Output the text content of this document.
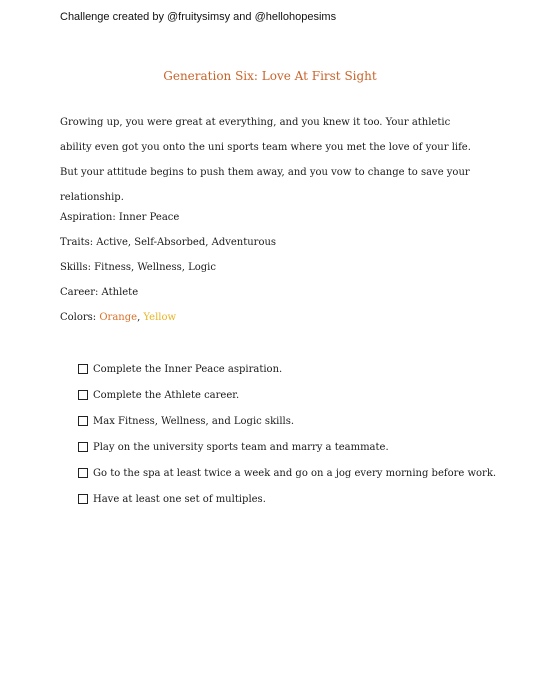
Challenge created by @fruitysimsy and @hellohopesims
Generation Six: Love At First Sight
Growing up, you were great at everything, and you knew it too. Your athletic ability even got you onto the uni sports team where you met the love of your life. But your attitude begins to push them away, and you vow to change to save your relationship.
Aspiration: Inner Peace
Traits: Active, Self-Absorbed, Adventurous
Skills: Fitness, Wellness, Logic
Career: Athlete
Colors: Orange, Yellow
Complete the Inner Peace aspiration.
Complete the Athlete career.
Max Fitness, Wellness, and Logic skills.
Play on the university sports team and marry a teammate.
Go to the spa at least twice a week and go on a jog every morning before work.
Have at least one set of multiples.
